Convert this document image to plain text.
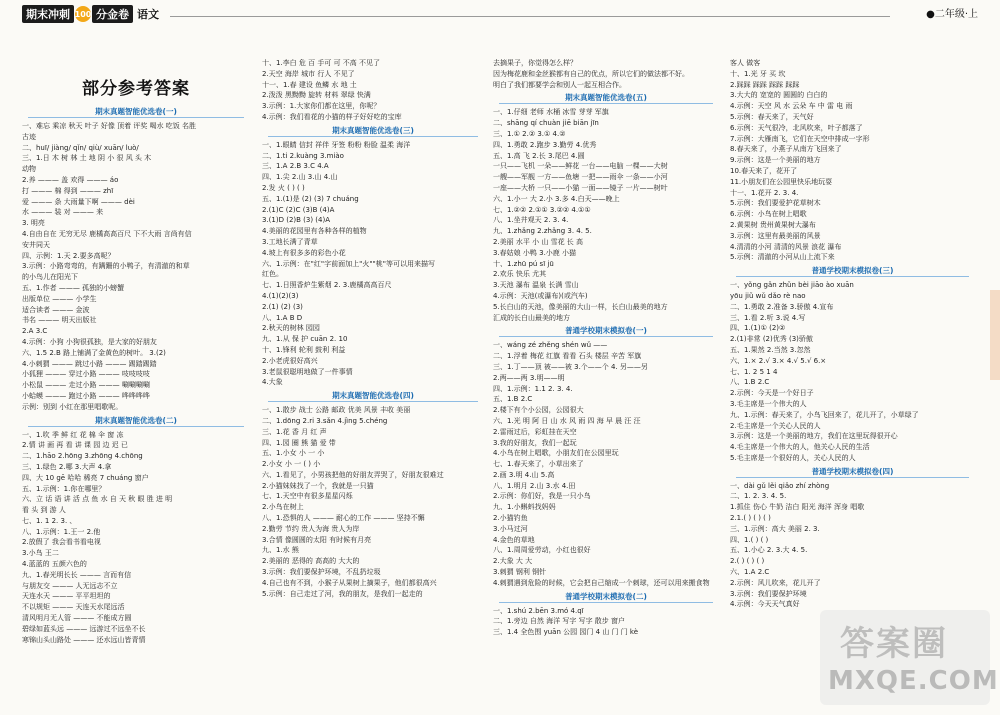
期末冲刺 100 分金卷 语文	●二年级·上
部分参考答案
期末真题智能优选卷(一)
一、难忘 乘凉 秋天 叶子 好像 顶着 评奖 喝水 吃饭 名胜
古迹
二、huī/ jiàng/ qǐn/ qiù/ xuān/ luò/
三、1.日 木 树 林 土 地 阴 小 很 风 头 木
动物
2.养 ——— 盖 欢得 ——— áo
打 ——— 棉 得到 ——— zhī
爱 ——— 条 大雨量下啊 ——— dèi
水 ——— 装 对 ——— 来
3. 明亮
4.自由自在 无穷无尽 鹿橘高高百尺 下不大雨 言尚有信
安井同天
四、示例：1.天 2.要多高呢？
3.示例：小路弯弯的，有蹒跚的小鸭子，有清澈的和草
的小鸟儿在阳光下
五、1.作者 ——— 孤独的小螃蟹
出版单位 ——— 小学生
适合读者 ——— 金波
书名 ——— 明天出版社
2.A 3.C
4.示例：小狗 小狗很孤独，是大家的好朋友
六、1.5 2.B 路上铺满了金黄色的树叶。 3.(2)
4.小刺猬 ——— 跳过小路 ——— 踢踏踢踏
小狐狸 ——— 穿过小路 ——— 吱吱吱吱
小松鼠 ——— 走过小路 ——— 唰唰唰唰
小蛤蟆 ——— 跑过小路 ——— 哗哗哗哗
示例：别到 小红在那里唱歌呢。
期末真题智能优选卷(二)
一、1.吹 季 鲜 红 花 棉 伞 窗 冻
2.情 讲 画 再 看 讲 课 园 边 迟 已
二、1.hāo 2.hōng 3.zhōng 4.chōng
三、1.绿色 2.哪 3.大声 4.拿
四、大 10 gē 哈哈 稀亮 7 chuáng 窗户
五、1.示例：1.你在哪里？
六、立 话 语 讲 活 点 鱼 水 自 天 秋 眼 胜 进 明
看 头 到 游 人
七、1. 1 2. 3. 、
八、1.示例：1.王一 2.他
2.放假了 我会看书看电视
3.小鸟 王二
4.蓝蓝的 五颜六色的
九、1.春光明长长 ——— 言而有信
与朋友交 ——— 人无远志不立
天连水天 ——— 平平坦坦的
不以规矩 ——— 天连天水尾远活
清风明月无人管 ——— 不能成方圆
碧绿如蓝头远 ——— 远游过不远坐不长
寒锦山头山路处 ——— 还水远山皆青情
十、1.李白 危 百 手可 可 不高 不见了
2.天空 海岸 城市 行人 不见了
十一、1.春 建设 鱼鳞 水 地 土
2.泼泼 黑黝黝 旋转 材料 翠绿 快满
3.示例：1.大家你们都在这里，你呢？
4.示例：我们看花的小猫的样子好好吃的宝库
期末真题智能优选卷(三)
一、1.眼睛 信封 祥伴 牙签 粉粉 粉脸 温柔 海洋
二、1.ti 2.kuàng 3.miào
三、1.A 2.B 3.C 4.A
四、1.尖 2.山 3.山 4.山
2.发 火 ( ) ( )
五、1.(1)是 (2) (3) 7 chuáng
2.(1)C (2)C (3)B (4)A
3.(1)D (2)B (3) (4)A
4.美丽的花园里有各种各样的植物
3.工地长满了青草
4.坡上有很多多的彩色小花
六、1.示例：在"红"字前面加上"火""桃"等可以用来描写
红色。
七、1.日照香炉生紫烟 2. 3.鹿橘高高百尺
4.(1)(2)(3)
2.(1) (2) (3)
八、1.A B D
2.秋天的树林 园园
九、1.从 保 护 cuān 2. 10
十、1.锋利 轮利 鼓利 利益
2.小老虎很好高兴
3.老鼠很聪明地做了一件事情
4.大象
期末真题智能优选卷(四)
一、1.散步 战士 公路 邮政 优美 风景 丰收 美丽
二、1.dōng 2.ri 3.sǎn 4.jìng 5.chéng
三、1.花 香 月 红 声
四、1.园 圈 熊 猫 爱 带
五、1.小女 小 一 小
2.小女 小 一 ( ) 小
六、1.看见了，小男孩把他的好朋友弄哭了，好朋友很难过
2.小猫妹妹找了一个，我就是一只猫
七、1.天空中有很多星星闪烁
2.小鸟在树上
八、1.恐惧的人 ——— 耐心的工作 ——— 坚持不懈
2.勤劳 节约 贵人为海 贵人为岸
3.合情 像圆圆的太阳 有时候有月亮
九、1.水 熊
2.美丽的 恶得的 高高的 大大的
3.示例：我们要保护环境，不乱扔垃圾
4.自己也有不到，小猴子从果树上摘果子，他们都很高兴
5.示例：自己走过了河，我的朋友，是我们一起走的
去摘果子，你觉得怎么样？
因为梅花鹿和金丝猴都有自己的优点，所以它们的做法都不好。
明白了我们都要学会和别人一起互相合作。
期末真题智能优选卷(五)
一、1.仔细 老师 水桶 冰雪 芽芽 军旗
二、shāng qí chuàn jiē biān jīn
三、1.① 2.② 3.① 4.②
四、1.勇敢 2.跑步 3.勤劳 4.优秀
五、1.高 飞 2.长 3.尾巴 4.圆
一只——飞机 一朵——鲜花 一台——电脑 一棵——大树
一艘——军舰 一方——鱼塘 一把——雨伞 一条——小河
一座——大桥 一只——小猫 一面——镜子 一片——树叶
六、1.小一 大 2.小 3.多 4.白天——晚上
七、1.②② 2.①① 3.②② 4.①①
八、1.坐井观天 2. 3. 4.
九、1.zhǎng 2.zhǎng 3. 4. 5.
2.美丽 水平 小 山 雪花 长 高
3.春姑娘 小鸭 3.小鹿 小猫
十、1.zhū pú sī jū
2.欢乐 快乐 尤其
3.天池 瀑布 温泉 长满 雪山
4.示例：天池(或瀑布)(或汽车)
5.长白山的天池，像美丽的大山一样，长白山最美的地方
汇成的长白山最美的地方
普通学校期末模拟卷(一)
一、wáng zé zhěng shén wǔ ——
二、1.浮着 梅花 红旗 看看 石头 楼层 辛苦 军旗
三、1.丁——顶 被——被 3.个——个 4. 另——另
2.两——两 3.明——明
四、1.示例：1.1 2. 3. 4.
五、1.B 2.C
2.楼下有个小公园，公园很大
六、1.光 明 阿 日 山 水 风 雨 四 海 早 晨 汪 汪
2.雷雨过后，彩虹挂在天空
3.我的好朋友，我们一起玩
4.小鸟在树上唱歌，小朋友们在公园里玩
七、1.春天来了，小草出来了
2.画 3.明 4.山 5.高
八、1.明月 2.山 3.水 4.田
2.示例：你们好，我是一只小鸟
九、1.小蝌蚪找妈妈
2.小猫钓鱼
3.小马过河
4.金色的草地
八、1.周周爱劳动，小红也很好
2.大象 大 大
3.刺猬 钢利 钢针
4.刺猬遇到危险的时候，它会把自己缩成一个刺球，还可以用来搬食物
普通学校期末模拟卷(二)
一、1.shú 2.bēn 3.mó 4.qī
二、1.旁边 自然 海洋 写字 写字 散步 窗户
三、1.4 全色围 yuān 公园 园门 4 山 门 门 kè
客人 做客
十、1.光 牙 买 坎
2.踩踩 踩踩 踩踩 踩踩
3.大大的 宽宽的 圆圆的 白白的
4.示例：天空 风 水 云朵 车 中 雷 电 雨
5.示例：春天来了，天气好
6.示例：天气很冷，北风吹来，叶子都落了
7.示例：大雁南飞，它们在天空中排成一字形
8.春天来了，小燕子从南方飞回来了
9.示例：这是一个美丽的地方
10.春天来了，花开了
11.小朋友们在公园里快乐地玩耍
十一、1.花开 2. 3. 4.
5.示例：我们要爱护花草树木
6.示例：小鸟在树上唱歌
2.黄果树 贵州黄果树大瀑布
3.示例：这里有最美丽的风景
4.清清的小河 清清的风景 浪花 瀑布
5.示例：清澈的小河从山上流下来
普通学校期末模拟卷(三)
一、yǒng gǎn zhǔn bèi jiāo ào xuān
yōu jiǔ wǔ dǎo rè nao
二、1.勇敢 2.准备 3.骄傲 4.宣布
三、1.看 2.听 3.说 4.写
四、1.(1)① (2)②
2.(1)非常 (2)优秀 (3)骄傲
五、1.果然 2.当然 3.忽然
六、1.× 2.√ 3.× 4.√ 5.√ 6.×
七、1. 2 5 1 4
八、1.B 2.C
2.示例：今天是一个好日子
3.毛主席是一个伟大的人
九、1.示例：春天来了，小鸟飞回来了，花儿开了，小草绿了
2.毛主席是一个关心人民的人
3.示例：这是一个美丽的地方，我们在这里玩得很开心
4.毛主席是一个伟大的人，他关心人民的生活
5.毛主席是一个很好的人，关心人民的人
普通学校期末模拟卷(四)
一、dài gǔ lěi qiǎo zhí zhòng
二、1. 2. 3. 4. 5.
1.抓住 伤心 牛奶 洁白 阳光 海洋 浑身 唱歌
2.1.( ) ( ) ( )
三、1.示例：高大 美丽 2. 3.
四、1.( ) ( )
五、1.小心 2. 3.大 4. 5.
2.( ) ( ) ( )
六、1.A 2.C
2.示例：风儿吹来，花儿开了
3.示例：我们要保护环境
4.示例：今天天气真好
答案圈
MXQE.COM
